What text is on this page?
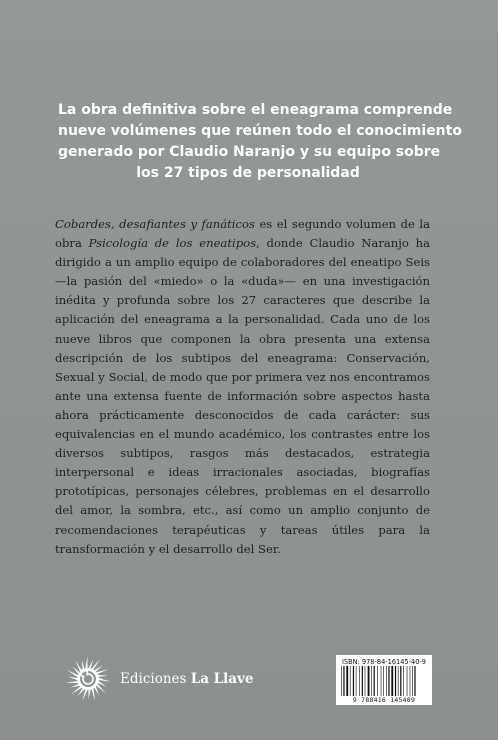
La obra definitiva sobre el eneagrama comprende
nueve volúmenes que reúnen todo el conocimiento
generado por Claudio Naranjo y su equipo sobre
los 27 tipos de personalidad
Cobardes, desafiantes y fanáticos es el segundo volumen de la obra Psicología de los eneatipos, donde Claudio Naranjo ha dirigido a un amplio equipo de colaboradores del eneatipo Seis —la pasión del «miedo» o la «duda»— en una investigación inédita y profunda sobre los 27 caracteres que describe la aplicación del eneagrama a la personalidad. Cada uno de los nueve libros que componen la obra presenta una extensa descripción de los subtipos del eneagrama: Conservación, Sexual y Social, de modo que por primera vez nos encontramos ante una extensa fuente de información sobre aspectos hasta ahora prácticamente desconocidos de cada carácter: sus equivalencias en el mundo académico, los contrastes entre los diversos subtipos, rasgos más destacados, estrategia interpersonal e ideas irracionales asociadas, biografías prototípicas, personajes célebres, problemas en el desarrollo del amor, la sombra, etc., así como un amplio conjunto de recomendaciones terapéuticas y tareas útiles para la transformación y el desarrollo del Ser.
Ediciones La Llave
ISBN: 978-84-16145-40-9
9 788416 145409
